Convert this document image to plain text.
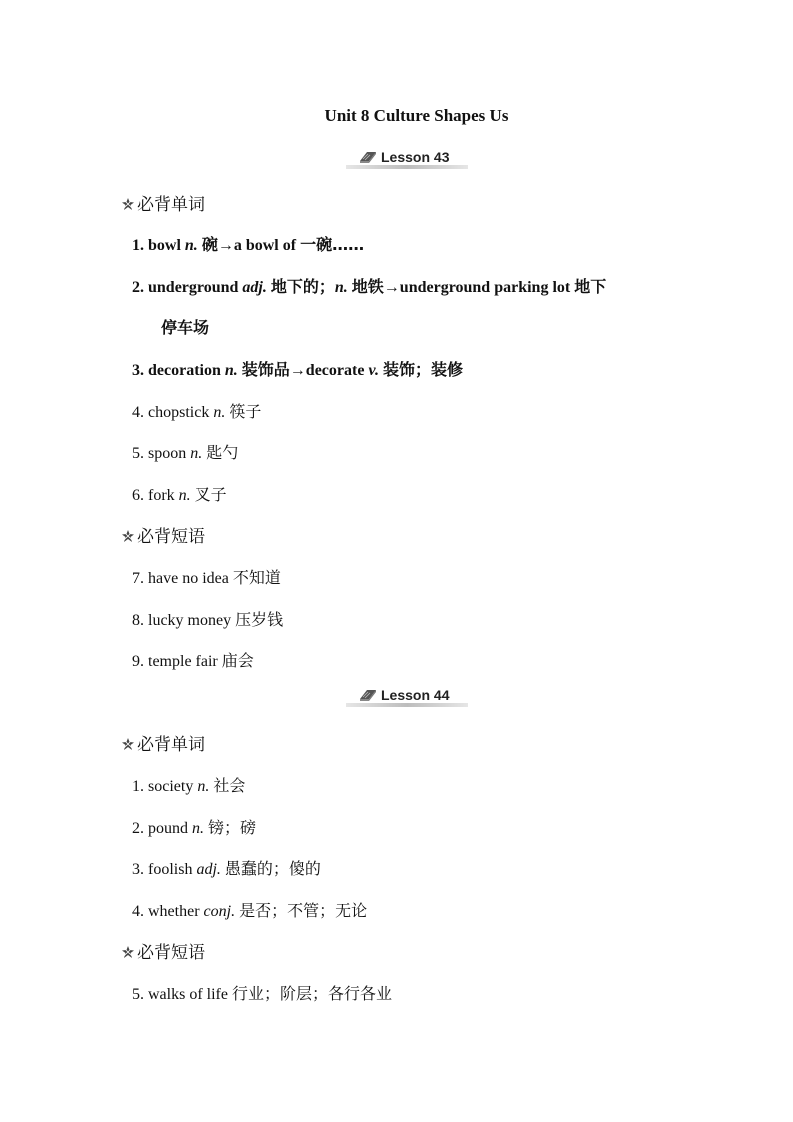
Unit 8 Culture Shapes Us
Lesson 43
必背单词
1. bowl n. 碗→a bowl of 一碗……
2. underground adj. 地下的；n. 地铁→underground parking lot 地下
停车场
3. decoration n. 装饰品→decorate v. 装饰；装修
4. chopstick n. 筷子
5. spoon n. 匙勺
6. fork n. 叉子
必背短语
7. have no idea 不知道
8. lucky money 压岁钱
9. temple fair 庙会
Lesson 44
必背单词
1. society n. 社会
2. pound n. 镑；磅
3. foolish adj. 愚蠢的；傻的
4. whether conj. 是否；不管；无论
必背短语
5. walks of life 行业；阶层；各行各业
